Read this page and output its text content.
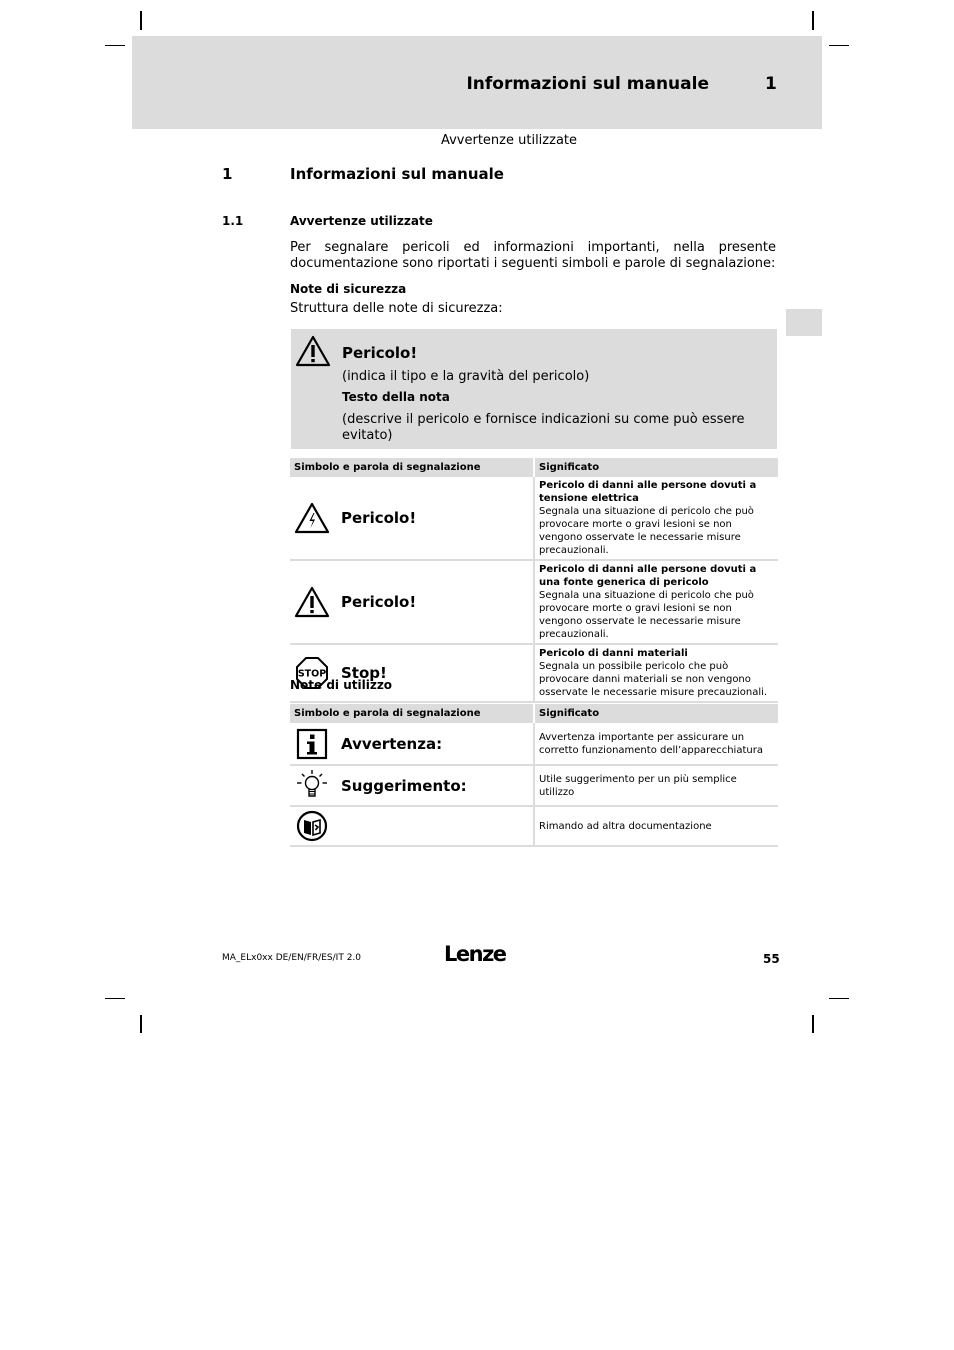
Informazioni sul manuale
Avvertenze utilizzate
1
1	Informazioni sul manuale
1.1	Avvertenze utilizzate
Per segnalare pericoli ed informazioni importanti, nella presente documentazione sono riportati i seguenti simboli e parole di segnalazione:
Note di sicurezza
Struttura delle note di sicurezza:
Pericolo!
(indica il tipo e la gravità del pericolo)
Testo della nota
(descrive il pericolo e fornisce indicazioni su come può essere evitato)
Simbolo e parola di segnalazione	Significato

Pericolo!	Pericolo di danni alle persone dovuti a tensione elettrica
Segnala una situazione di pericolo che può provocare morte o gravi lesioni se non vengono osservate le necessarie misure precauzionali.

Pericolo!	Pericolo di danni alle persone dovuti a una fonte generica di pericolo
Segnala una situazione di pericolo che può provocare morte o gravi lesioni se non vengono osservate le necessarie misure precauzionali.

STOP Stop!	Pericolo di danni materiali
Segnala un possibile pericolo che può provocare danni materiali se non vengono osservate le necessarie misure precauzionali.
Note di utilizzo
Simbolo e parola di segnalazione	Significato

Avvertenza:	Avvertenza importante per assicurare un corretto funzionamento dell’apparecchiatura

Suggerimento:	Utile suggerimento per un più semplice utilizzo

	Rimando ad altra documentazione
MA_ELx0xx DE/EN/FR/ES/IT 2.0	Lenze	55
